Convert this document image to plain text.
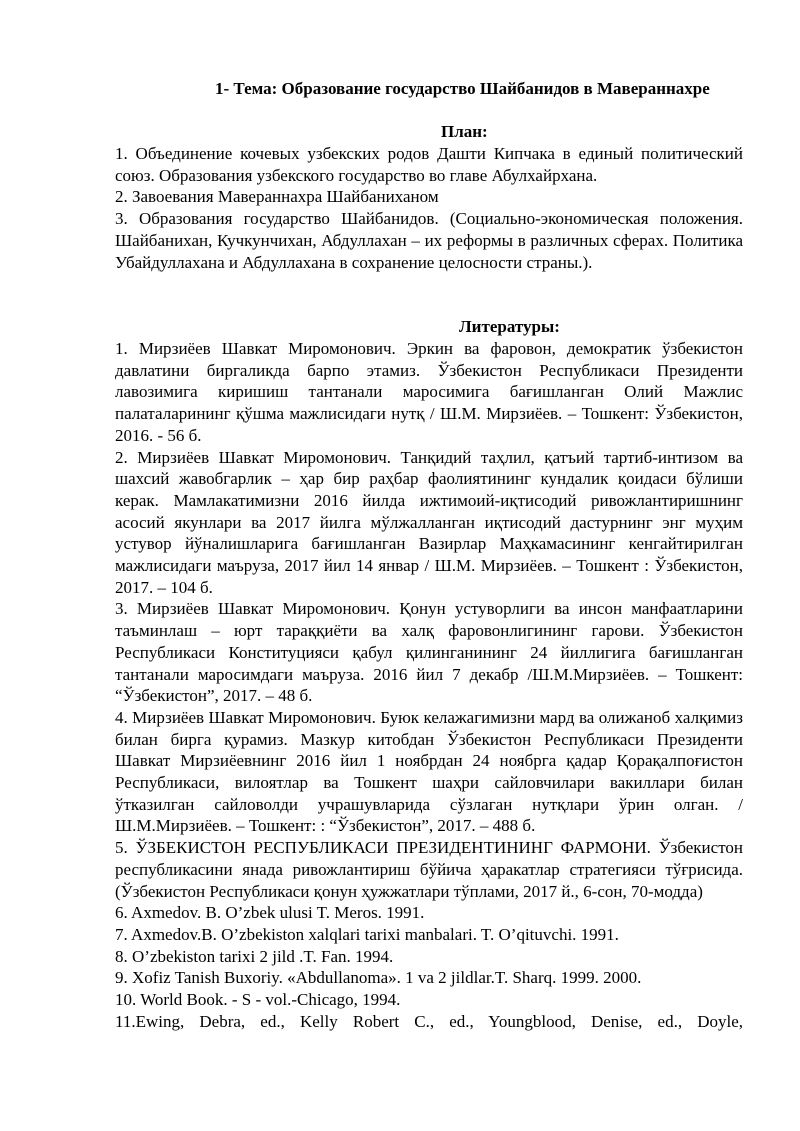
1- Тема: Образование государство Шайбанидов в Мавераннахре
План:

1. Объединение кочевых узбекских родов Дашти Кипчака в единый политический союз. Образования узбекского государство во главе Абулхайрхана.

2. Завоевания Мавераннахра Шайбаниханом

3. Образования государство Шайбанидов. (Социально-экономическая положения. Шайбанихан, Кучкунчихан, Абдуллахан – их реформы в различных сферах. Политика Убайдуллахана и Абдуллахана в сохранение целосности страны.).

Литературы:

1. Мирзиёев Шавкат Миромонович. Эркин ва фаровон, демократик ўзбекистон давлатини биргаликда барпо этамиз. Ўзбекистон Республикаси Президенти лавозимига киришиш тантанали маросимига бағишланган Олий Мажлис палаталарининг қўшма мажлисидаги нутқ / Ш.М. Мирзиёев. – Тошкент: Ўзбекистон, 2016. - 56 б.

2. Мирзиёев Шавкат Миромонович. Танқидий таҳлил, қатъий тартиб-интизом ва шахсий жавобгарлик – ҳар бир раҳбар фаолиятининг кундалик қоидаси бўлиши керак. Мамлакатимизни 2016 йилда ижтимоий-иқтисодий ривожлантиришнинг асосий якунлари ва 2017 йилга мўлжалланган иқтисодий дастурнинг энг муҳим устувор йўналишларига бағишланган Вазирлар Маҳкамасининг кенгайтирилган мажлисидаги маъруза, 2017 йил 14 январ / Ш.М. Мирзиёев. – Тошкент : Ўзбекистон, 2017. – 104 б.

3. Мирзиёев Шавкат Миромонович. Қонун устуворлиги ва инсон манфаатларини таъминлаш – юрт тараққиёти ва халқ фаровонлигининг гарови. Ўзбекистон Республикаси Конституцияси қабул қилинганининг 24 йиллигига бағишланган тантанали маросимдаги маъруза. 2016 йил 7 декабр /Ш.М.Мирзиёев. – Тошкент: “Ўзбекистон”, 2017. – 48 б.

4. Мирзиёев Шавкат Миромонович. Буюк келажагимизни мард ва олижаноб халқимиз билан бирга қурамиз. Мазкур китобдан Ўзбекистон Республикаси Президенти Шавкат Мирзиёевнинг 2016 йил 1 ноябрдан 24 ноябрга қадар Қорақалпоғистон Республикаси, вилоятлар ва Тошкент шаҳри сайловчилари вакиллари билан ўтказилган сайловолди учрашувларида сўзлаган нутқлари ўрин олган. /Ш.М.Мирзиёев. – Тошкент: : “Ўзбекистон”, 2017. – 488 б.

5. ЎЗБЕКИСТОН РЕСПУБЛИКАСИ ПРЕЗИДЕНТИНИНГ ФАРМОНИ. Ўзбекистон республикасини янада ривожлантириш бўйича ҳаракатлар стратегияси тўғрисида. (Ўзбекистон Республикаси қонун ҳужжатлари тўплами, 2017 й., 6-сон, 70-модда)

6. Axmedov. B. O’zbek ulusi T. Meros. 1991.

7. Axmedov.B. O’zbekiston xalqlari tarixi manbalari. T. O’qituvchi. 1991.

8. O’zbekiston tarixi 2 jild .T. Fan. 1994.

9. Xofiz Tanish Buxoriy. «Abdullanoma». 1 va 2 jildlar.T. Sharq. 1999. 2000.

10. World Book. - S - vol.-Chicago, 1994.

11.Ewing, Debra, ed., Kelly Robert C., ed., Youngblood, Denise, ed., Doyle,
